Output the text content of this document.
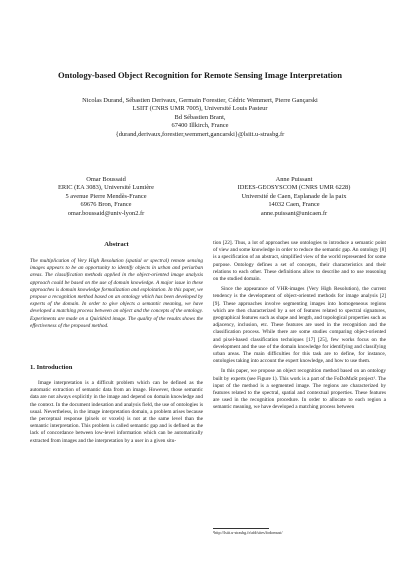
Ontology-based Object Recognition for Remote Sensing Image Interpretation
Nicolas Durand, Sébastien Derivaux, Germain Forestier, Cédric Wemmert, Pierre Gançarski
LSIIT (CNRS UMR 7005), Université Louis Pasteur
Bd Sébastien Brant,
67400 Illkirch, France
{durand,derivaux,forestier,wemmert,gancarski}@lsiit.u-strasbg.fr
Omar Boussaid
ERIC (EA 3083), Université Lumière
5 avenue Pierre Mendès-France
69676 Bron, France
omar.boussaid@univ-lyon2.fr
Anne Puissant
IDEES-GEOSYSCOM (CNRS UMR 6228)
Université de Caen, Esplanade de la paix
14032 Caen, France
anne.puissant@unicaen.fr
Abstract

The multiplication of Very High Resolution (spatial or spectral) remote sensing images appears to be an opportunity to identify objects in urban and periurban areas. The classification methods applied in the object-oriented image analysis approach could be based on the use of domain knowledge. A major issue in these approaches is domain knowledge formalization and exploitation. In this paper, we propose a recognition method based on an ontology which has been developed by experts of the domain. In order to give objects a semantic meaning, we have developed a matching process between an object and the concepts of the ontology. Experiments are made on a Quickbird image. The quality of the results shows the effectiveness of the proposed method.

1. Introduction

Image interpretation is a difficult problem which can be defined as the automatic extraction of semantic data from an image. However, those semantic data are not always explicitly in the image and depend on domain knowledge and the context. In the document indexation and analysis field, the use of ontologies is usual. Nevertheless, in the image interpretation domain, a problem arises because the perceptual response (pixels or voxels) is not at the same level than the semantic interpretation. This problem is called semantic gap and is defined as the lack of concordance between low-level information which can be automatically extracted from images and the interpretation by a user in a given situ-

tion [22]. Thus, a lot of approaches use ontologies to introduce a semantic point of view and some knowledge in order to reduce the semantic gap. An ontology [8] is a specification of an abstract, simplified view of the world represented for some purpose. Ontology defines a set of concepts, their characteristics and their relations to each other. These definitions allow to describe and to use reasoning on the studied domain.

Since the appearance of VHR-images (Very High Resolution), the current tendency is the development of object-oriented methods for image analysis [2] [9]. These approaches involve segmenting images into homogeneous regions which are then characterized by a set of features related to spectral signatures, geographical features such as shape and length, and topological properties such as adjacency, inclusion, etc. These features are used in the recognition and the classification process. While there are some studies comparing object-oriented and pixel-based classification techniques [17] [25], few works focus on the development and the use of the domain knowledge for identifying and classifying urban areas. The main difficulties for this task are to define, for instance, ontologies taking into account the expert knowledge, and how to use them.

In this paper, we propose an object recognition method based on an ontology built by experts (see Figure 1). This work is a part of the FoDoMuSt project¹. The input of the method is a segmented image. The regions are characterized by features related to the spectral, spatial and contextual properties. These features are used in the recognition procedure. In order to allocate to each region a semantic meaning, we have developed a matching process between

¹http://lsiit.u-strasbg.fr/afd/sites/fodomust/
